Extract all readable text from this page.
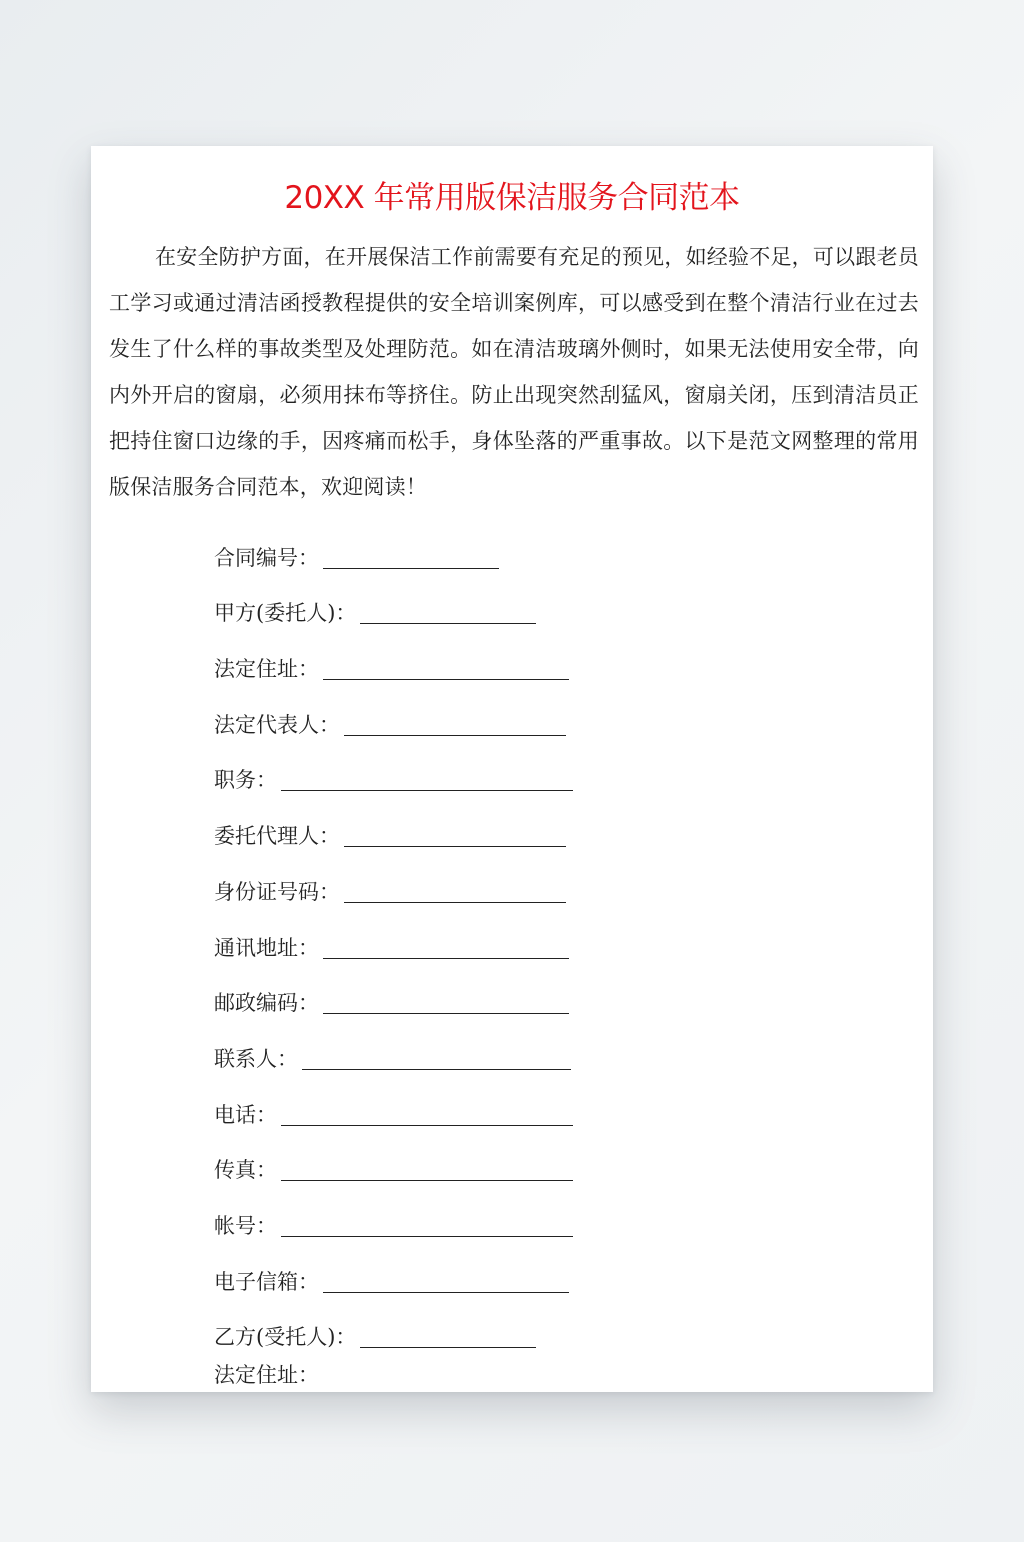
20XX 年常用版保洁服务合同范本

在安全防护方面，在开展保洁工作前需要有充足的预见，如经验不足，可以跟老员工学习或通过清洁函授教程提供的安全培训案例库，可以感受到在整个清洁行业在过去发生了什么样的事故类型及处理防范。如在清洁玻璃外侧时，如果无法使用安全带，向内外开启的窗扇，必须用抹布等挤住。防止出现突然刮猛风，窗扇关闭，压到清洁员正把持住窗口边缘的手，因疼痛而松手，身体坠落的严重事故。以下是范文网整理的常用版保洁服务合同范本，欢迎阅读！

合同编号：
甲方(委托人)：
法定住址：
法定代表人：
职务：
委托代理人：
身份证号码：
通讯地址：
邮政编码：
联系人：
电话：
传真：
帐号：
电子信箱：
乙方(受托人)：
法定住址：
